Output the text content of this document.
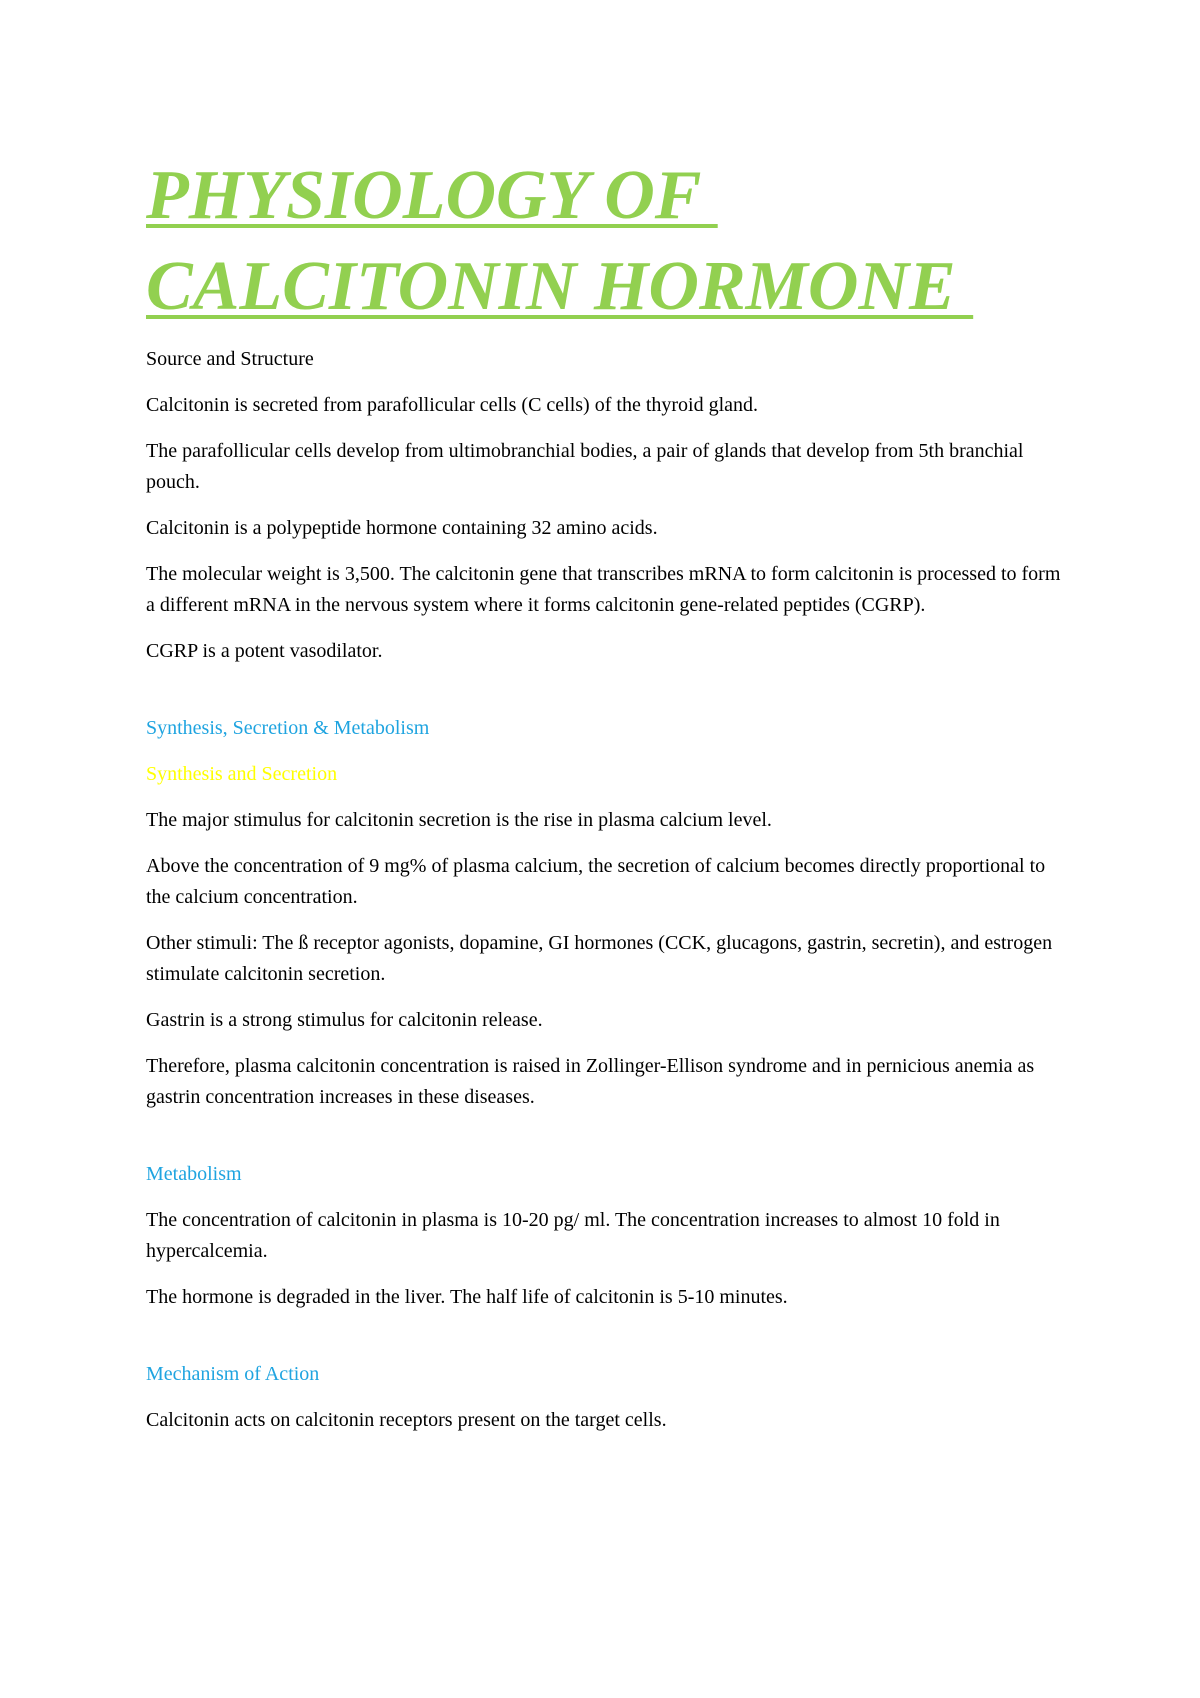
PHYSIOLOGY OF
CALCITONIN HORMONE

Source and Structure

Calcitonin is secreted from parafollicular cells (C cells) of the thyroid gland.

The parafollicular cells develop from ultimobranchial bodies, a pair of glands that develop from 5th branchial pouch.

Calcitonin is a polypeptide hormone containing 32 amino acids.

The molecular weight is 3,500. The calcitonin gene that transcribes mRNA to form calcitonin is processed to form a different mRNA in the nervous system where it forms calcitonin gene-related peptides (CGRP).

CGRP is a potent vasodilator.

Synthesis, Secretion & Metabolism

Synthesis and Secretion

The major stimulus for calcitonin secretion is the rise in plasma calcium level.

Above the concentration of 9 mg% of plasma calcium, the secretion of calcium becomes directly proportional to the calcium concentration.

Other stimuli: The ß receptor agonists, dopamine, GI hormones (CCK, glucagons, gastrin, secretin), and estrogen stimulate calcitonin secretion.

Gastrin is a strong stimulus for calcitonin release.

Therefore, plasma calcitonin concentration is raised in Zollinger-Ellison syndrome and in pernicious anemia as gastrin concentration increases in these diseases.

Metabolism

The concentration of calcitonin in plasma is 10-20 pg/ ml. The concentration increases to almost 10 fold in hypercalcemia.

The hormone is degraded in the liver. The half life of calcitonin is 5-10 minutes.

Mechanism of Action

Calcitonin acts on calcitonin receptors present on the target cells.
